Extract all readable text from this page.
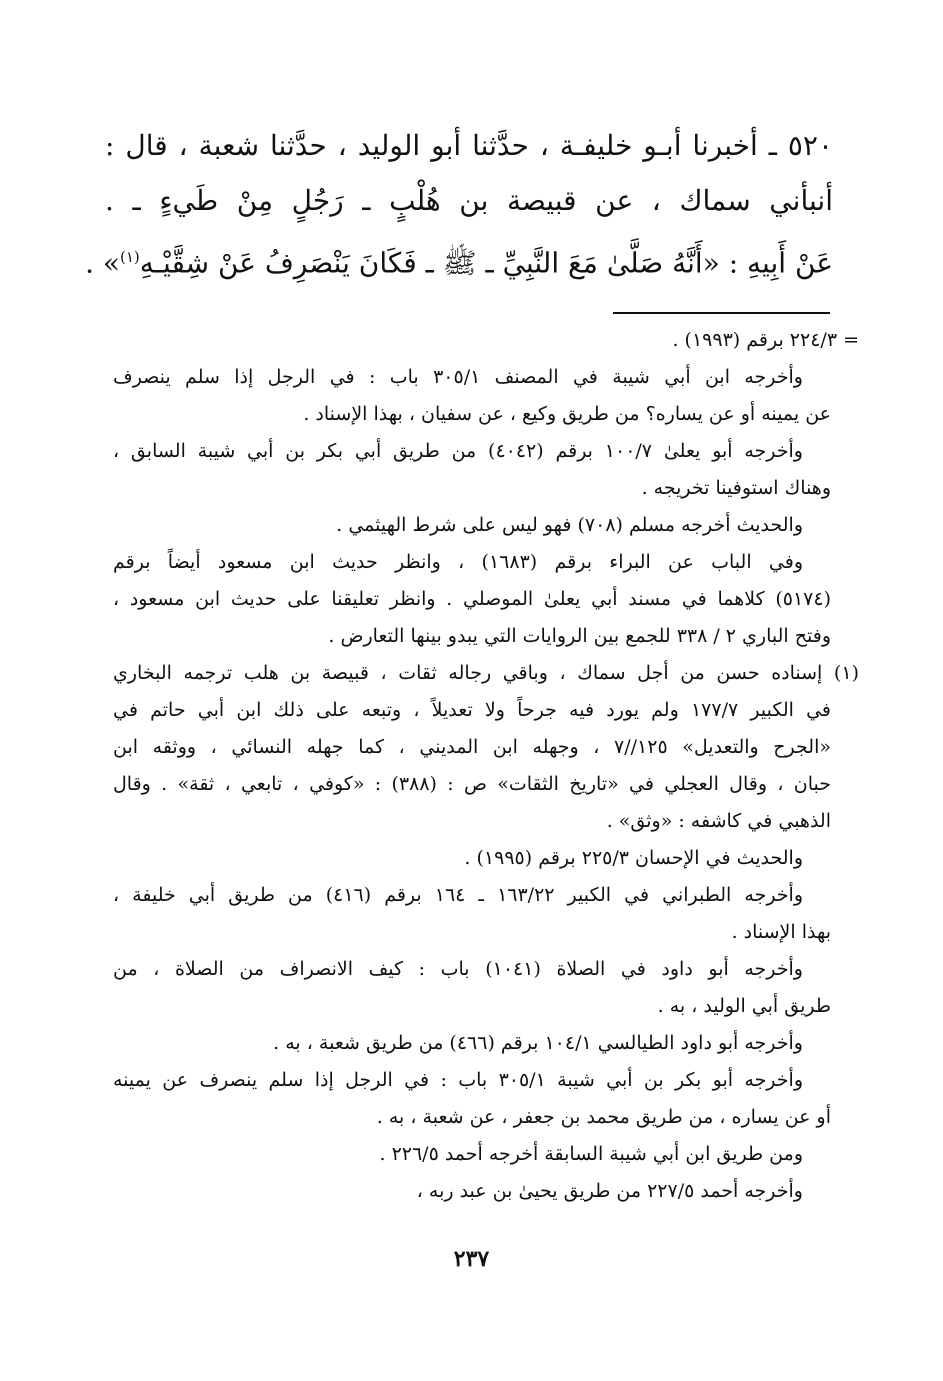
٥٢٠ ـ أخبرنا أبـو خليفـة ، حدَّثنا أبو الوليد ، حدَّثنا شعبة ، قال :

أنبأني سماك ، عن قبيصة بن هُلْبٍ ـ رَجُلٍ مِنْ طَيءٍ ـ .

عَنْ أَبِيهِ : «أَنَّهُ صَلَّىٰ مَعَ النَّبِيِّ ـ ﷺ ـ فَكَانَ يَنْصَرِفُ عَنْ شِقَّيْـهِ$^{(١)}$» .

= ٢٢٤/٣ برقم (١٩٩٣) .

وأخرجه ابن أبي شيبة في المصنف ٣٠٥/١ باب : في الرجل إذا سلم ينصرف

عن يمينه أو عن يساره؟ من طريق وكيع ، عن سفيان ، بهذا الإسناد .

وأخرجه أبو يعلىٰ ١٠٠/٧ برقم (٤٠٤٢) من طريق أبي بكر بن أبي شيبة السابق ،

وهناك استوفينا تخريجه .

والحديث أخرجه مسلم (٧٠٨) فهو ليس على شرط الهيثمي .

وفي الباب عن البراء برقم (١٦٨٣) ، وانظر حديث ابن مسعود أيضاً برقم

(٥١٧٤) كلاهما في مسند أبي يعلىٰ الموصلي . وانظر تعليقنا على حديث ابن مسعود ،

وفتح الباري ٢ / ٣٣٨ للجمع بين الروايات التي يبدو بينها التعارض .

(١) إسناده حسن من أجل سماك ، وباقي رجاله ثقات ، قبيصة بن هلب ترجمه البخاري

في الكبير ١٧٧/٧ ولم يورد فيه جرحاً ولا تعديلاً ، وتبعه على ذلك ابن أبي حاتم في

«الجرح والتعديل» ١٢٥//٧ ، وجهله ابن المديني ، كما جهله النسائي ، ووثقه ابن

حبان ، وقال العجلي في «تاريخ الثقات» ص : (٣٨٨) : «كوفي ، تابعي ، ثقة» . وقال

الذهبي في كاشفه : «وثق» .

والحديث في الإحسان ٢٢٥/٣ برقم (١٩٩٥) .

وأخرجه الطبراني في الكبير ١٦٣/٢٢ ـ ١٦٤ برقم (٤١٦) من طريق أبي خليفة ،

بهذا الإسناد .

وأخرجه أبو داود في الصلاة (١٠٤١) باب : كيف الانصراف من الصلاة ، من

طريق أبي الوليد ، به .

وأخرجه أبو داود الطيالسي ١٠٤/١ برقم (٤٦٦) من طريق شعبة ، به .

وأخرجه أبو بكر بن أبي شيبة ٣٠٥/١ باب : في الرجل إذا سلم ينصرف عن يمينه

أو عن يساره ، من طريق محمد بن جعفر ، عن شعبة ، به .

ومن طريق ابن أبي شيبة السابقة أخرجه أحمد ٢٢٦/٥ .

وأخرجه أحمد ٢٢٧/٥ من طريق يحيىٰ بن عبد ربه ،

٢٣٧
